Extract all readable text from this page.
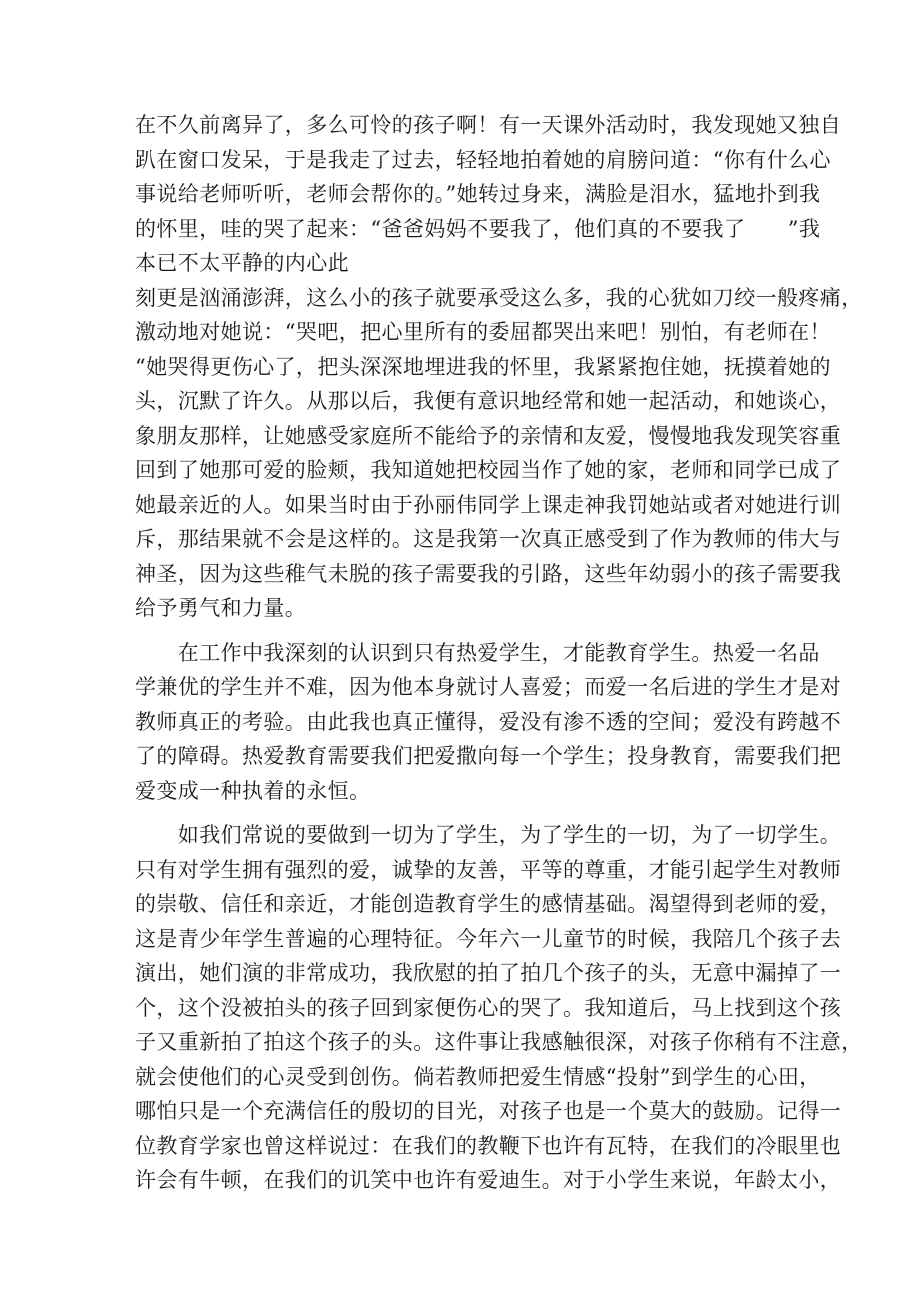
在不久前离异了，多么可怜的孩子啊！有一天课外活动时，我发现她又独自
趴在窗口发呆，于是我走了过去，轻轻地拍着她的肩膀问道：“你有什么心
事说给老师听听，老师会帮你的。”她转过身来，满脸是泪水，猛地扑到我
的怀里，哇的哭了起来：“爸爸妈妈不要我了，他们真的不要我了      ”我
本已不太平静的内心此
刻更是汹涌澎湃，这么小的孩子就要承受这么多，我的心犹如刀绞一般疼痛，
激动地对她说：“哭吧，把心里所有的委屈都哭出来吧！别怕，有老师在！
“她哭得更伤心了，把头深深地埋进我的怀里，我紧紧抱住她，抚摸着她的
头，沉默了许久。从那以后，我便有意识地经常和她一起活动，和她谈心，
象朋友那样，让她感受家庭所不能给予的亲情和友爱，慢慢地我发现笑容重
回到了她那可爱的脸颊，我知道她把校园当作了她的家，老师和同学已成了
她最亲近的人。如果当时由于孙丽伟同学上课走神我罚她站或者对她进行训
斥，那结果就不会是这样的。这是我第一次真正感受到了作为教师的伟大与
神圣，因为这些稚气未脱的孩子需要我的引路，这些年幼弱小的孩子需要我
给予勇气和力量。
　　在工作中我深刻的认识到只有热爱学生，才能教育学生。热爱一名品
学兼优的学生并不难，因为他本身就讨人喜爱；而爱一名后进的学生才是对
教师真正的考验。由此我也真正懂得，爱没有渗不透的空间；爱没有跨越不
了的障碍。热爱教育需要我们把爱撒向每一个学生；投身教育，需要我们把
爱变成一种执着的永恒。
　　如我们常说的要做到一切为了学生，为了学生的一切，为了一切学生。
只有对学生拥有强烈的爱，诚挚的友善，平等的尊重，才能引起学生对教师
的崇敬、信任和亲近，才能创造教育学生的感情基础。渴望得到老师的爱，
这是青少年学生普遍的心理特征。今年六一儿童节的时候，我陪几个孩子去
演出，她们演的非常成功，我欣慰的拍了拍几个孩子的头，无意中漏掉了一
个，这个没被拍头的孩子回到家便伤心的哭了。我知道后，马上找到这个孩
子又重新拍了拍这个孩子的头。这件事让我感触很深，对孩子你稍有不注意，
就会使他们的心灵受到创伤。倘若教师把爱生情感“投射”到学生的心田，
哪怕只是一个充满信任的殷切的目光，对孩子也是一个莫大的鼓励。记得一
位教育学家也曾这样说过：在我们的教鞭下也许有瓦特，在我们的冷眼里也
许会有牛顿，在我们的讥笑中也许有爱迪生。对于小学生来说，年龄太小，
